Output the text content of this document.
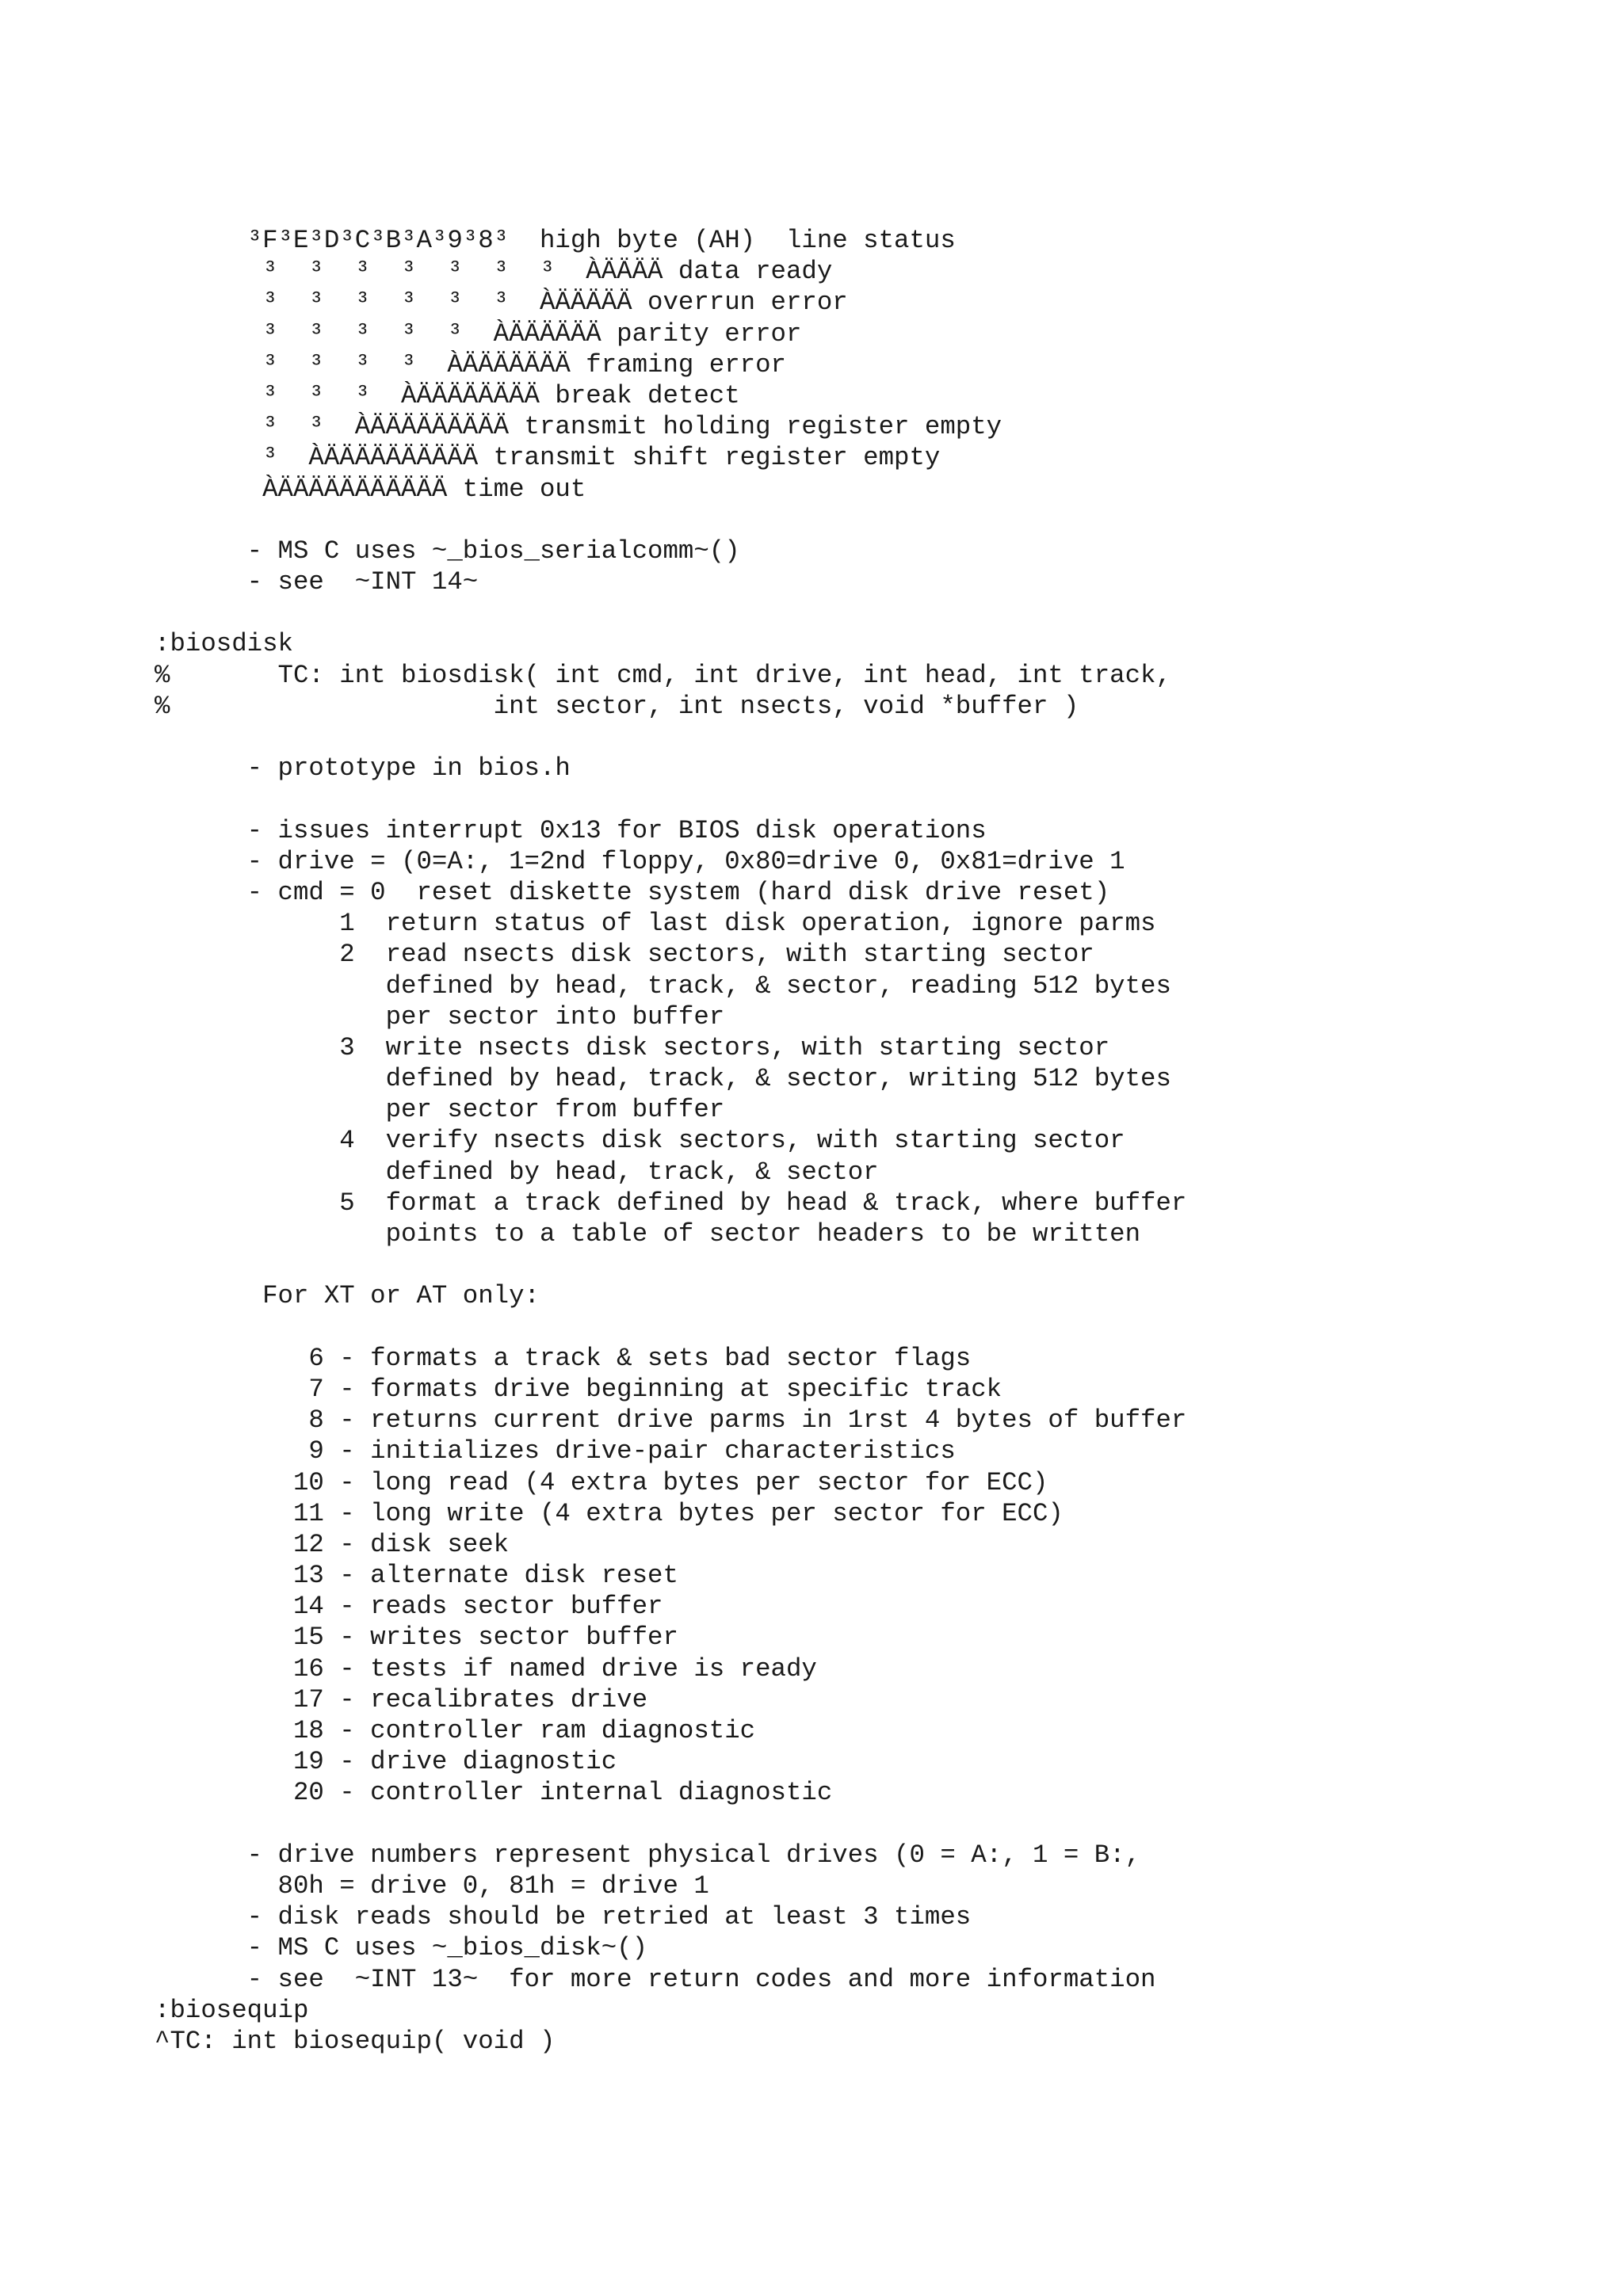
³F³E³D³C³B³A³9³8³  high byte (AH)  line status
³  ³  ³  ³  ³  ³  ³  ÀÄÄÄÄ data ready
³  ³  ³  ³  ³  ³  ÀÄÄÄÄÄ overrun error
³  ³  ³  ³  ³  ÀÄÄÄÄÄÄ parity error
³  ³  ³  ³  ÀÄÄÄÄÄÄÄ framing error
³  ³  ³  ÀÄÄÄÄÄÄÄÄ break detect
³  ³  ÀÄÄÄÄÄÄÄÄÄ transmit holding register empty
³  ÀÄÄÄÄÄÄÄÄÄÄ transmit shift register empty
ÀÄÄÄÄÄÄÄÄÄÄÄ time out
- MS C uses ~_bios_serialcomm~()
- see  ~INT 14~
:biosdisk
%       TC: int biosdisk( int cmd, int drive, int head, int track,
%                     int sector, int nsects, void *buffer )
- prototype in bios.h
- issues interrupt 0x13 for BIOS disk operations
- drive = (0=A:, 1=2nd floppy, 0x80=drive 0, 0x81=drive 1
- cmd = 0  reset diskette system (hard disk drive reset)
1  return status of last disk operation, ignore parms
2  read nsects disk sectors, with starting sector
defined by head, track, & sector, reading 512 bytes
per sector into buffer
3  write nsects disk sectors, with starting sector
defined by head, track, & sector, writing 512 bytes
per sector from buffer
4  verify nsects disk sectors, with starting sector
defined by head, track, & sector
5  format a track defined by head & track, where buffer
points to a table of sector headers to be written
For XT or AT only:
6 - formats a track & sets bad sector flags
7 - formats drive beginning at specific track
8 - returns current drive parms in 1rst 4 bytes of buffer
9 - initializes drive-pair characteristics
10 - long read (4 extra bytes per sector for ECC)
11 - long write (4 extra bytes per sector for ECC)
12 - disk seek
13 - alternate disk reset
14 - reads sector buffer
15 - writes sector buffer
16 - tests if named drive is ready
17 - recalibrates drive
18 - controller ram diagnostic
19 - drive diagnostic
20 - controller internal diagnostic
- drive numbers represent physical drives (0 = A:, 1 = B:,
80h = drive 0, 81h = drive 1
- disk reads should be retried at least 3 times
- MS C uses ~_bios_disk~()
- see  ~INT 13~  for more return codes and more information
:biosequip
^TC: int biosequip( void )
